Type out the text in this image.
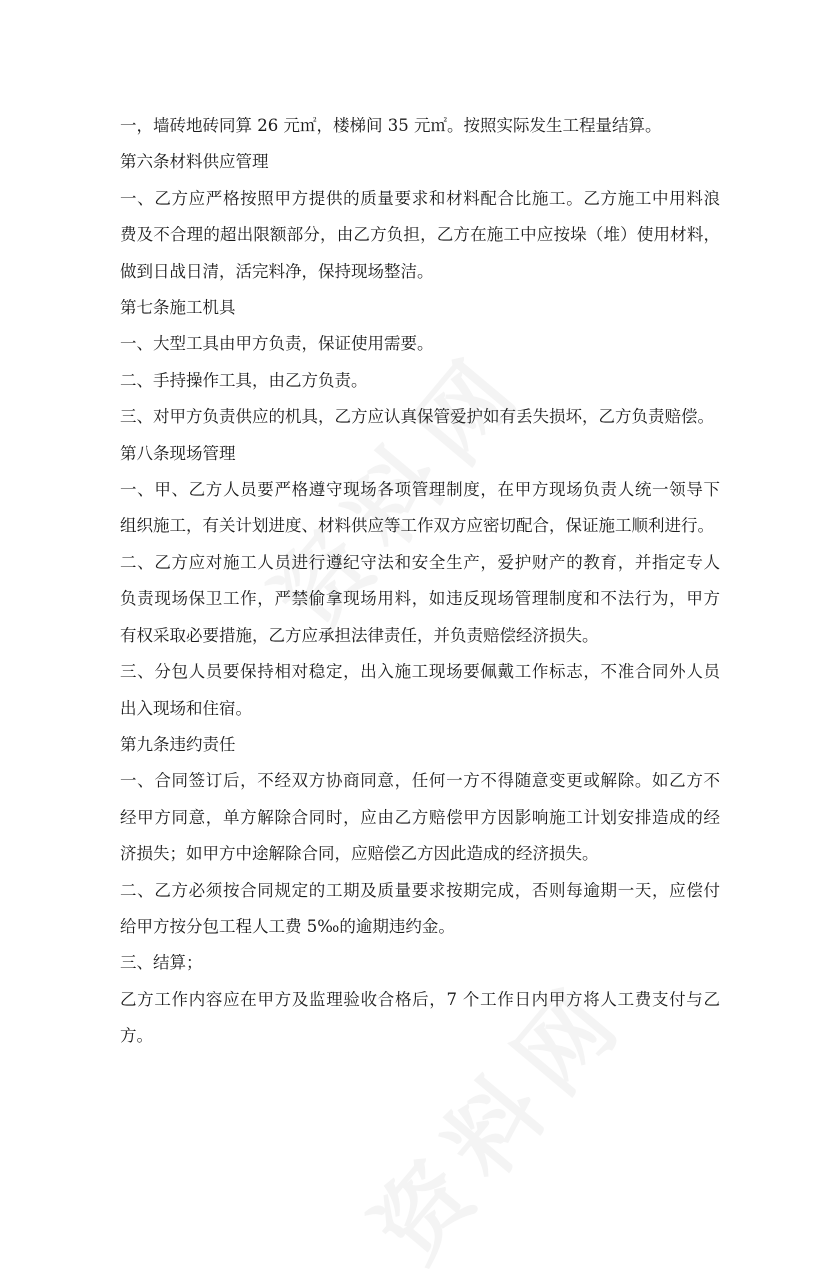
一，墙砖地砖同算 26 元㎡，楼梯间 35 元㎡。按照实际发生工程量结算。
第六条材料供应管理
一、乙方应严格按照甲方提供的质量要求和材料配合比施工。乙方施工中用料浪
费及不合理的超出限额部分，由乙方负担，乙方在施工中应按垛（堆）使用材料，
做到日战日清，活完料净，保持现场整洁。
第七条施工机具
一、大型工具由甲方负责，保证使用需要。
二、手持操作工具，由乙方负责。
三、对甲方负责供应的机具，乙方应认真保管爱护如有丢失损坏，乙方负责赔偿。
第八条现场管理
一、甲、乙方人员要严格遵守现场各项管理制度，在甲方现场负责人统一领导下
组织施工，有关计划进度、材料供应等工作双方应密切配合，保证施工顺利进行。
二、乙方应对施工人员进行遵纪守法和安全生产，爱护财产的教育，并指定专人
负责现场保卫工作，严禁偷拿现场用料，如违反现场管理制度和不法行为，甲方
有权采取必要措施，乙方应承担法律责任，并负责赔偿经济损失。
三、分包人员要保持相对稳定，出入施工现场要佩戴工作标志，不准合同外人员
出入现场和住宿。
第九条违约责任
一、合同签订后，不经双方协商同意，任何一方不得随意变更或解除。如乙方不
经甲方同意，单方解除合同时，应由乙方赔偿甲方因影响施工计划安排造成的经
济损失；如甲方中途解除合同，应赔偿乙方因此造成的经济损失。
二、乙方必须按合同规定的工期及质量要求按期完成，否则每逾期一天，应偿付
给甲方按分包工程人工费 5‰的逾期违约金。
三、结算；
乙方工作内容应在甲方及监理验收合格后，7 个工作日内甲方将人工费支付与乙
方。
